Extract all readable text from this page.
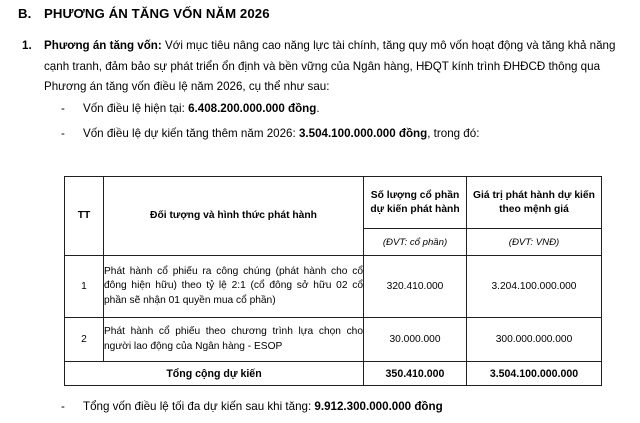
B. PHƯƠNG ÁN TĂNG VỐN NĂM 2026
1.	Phương án tăng vốn: Với mục tiêu nâng cao năng lực tài chính, tăng quy mô vốn hoạt động và tăng khả năng cạnh tranh, đảm bảo sự phát triển ổn định và bền vững của Ngân hàng, HĐQT kính trình ĐHĐCĐ thông qua Phương án tăng vốn điều lệ năm 2026, cụ thể như sau:
-	Vốn điều lệ hiện tại: 6.408.200.000.000 đồng.
-	Vốn điều lệ dự kiến tăng thêm năm 2026: 3.504.100.000.000 đồng, trong đó:
TT	Đối tượng và hình thức phát hành	Số lượng cổ phần dự kiến phát hành	Giá trị phát hành dự kiến theo mệnh giá
		(ĐVT: cổ phần)	(ĐVT: VNĐ)
1	Phát hành cổ phiếu ra công chúng (phát hành cho cổ đông hiện hữu) theo tỷ lệ 2:1 (cổ đông sở hữu 02 cổ phần sẽ nhận 01 quyền mua cổ phần)	320.410.000	3.204.100.000.000
2	Phát hành cổ phiếu theo chương trình lựa chọn cho người lao động của Ngân hàng - ESOP	30.000.000	300.000.000.000
Tổng cộng dự kiến		350.410.000	3.504.100.000.000
-	Tổng vốn điều lệ tối đa dự kiến sau khi tăng: 9.912.300.000.000 đồng
